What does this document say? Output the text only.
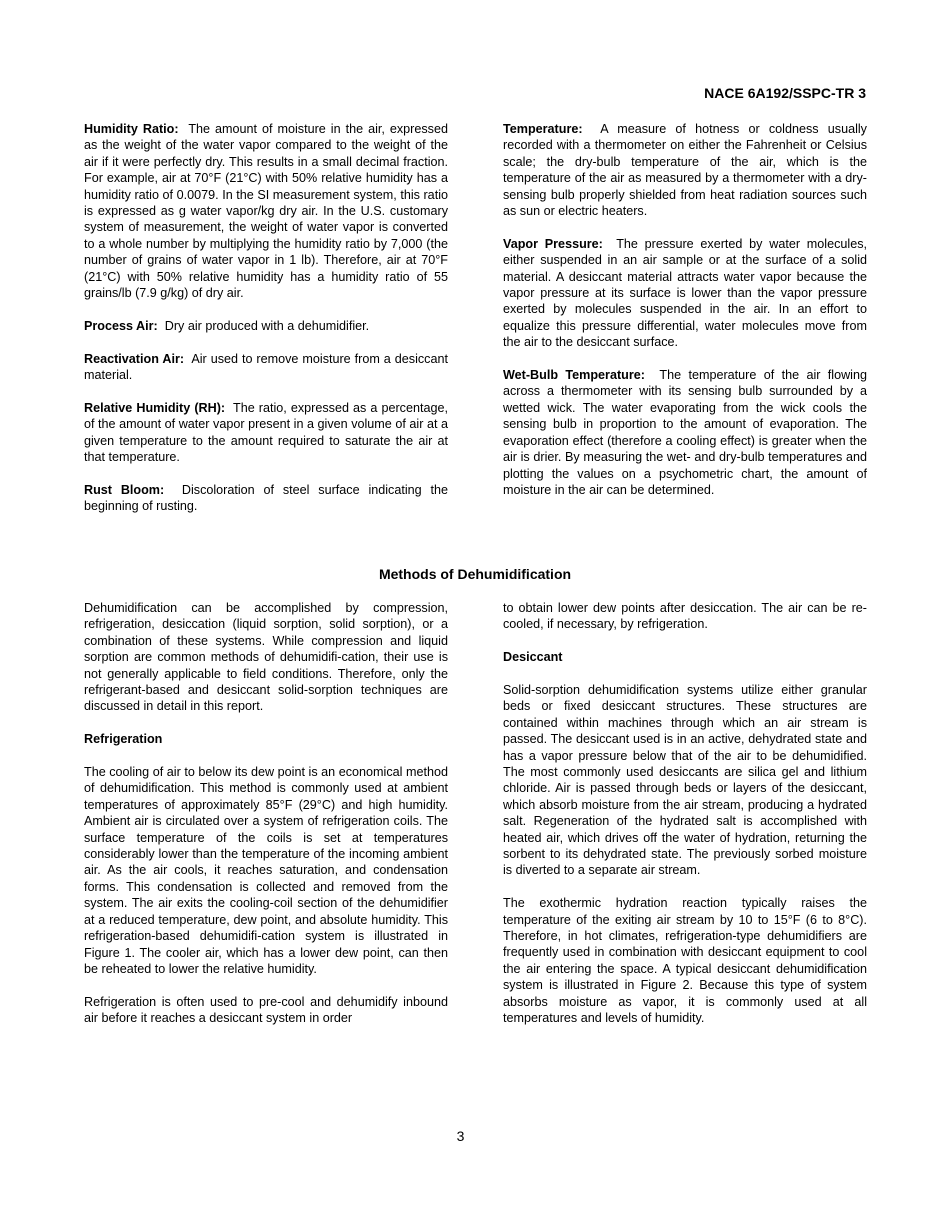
NACE 6A192/SSPC-TR 3

Humidity Ratio: The amount of moisture in the air, expressed as the weight of the water vapor compared to the weight of the air if it were perfectly dry. This results in a small decimal fraction. For example, air at 70°F (21°C) with 50% relative humidity has a humidity ratio of 0.0079. In the SI measurement system, this ratio is expressed as g water vapor/kg dry air. In the U.S. customary system of measurement, the weight of water vapor is converted to a whole number by multiplying the humidity ratio by 7,000 (the number of grains of water vapor in 1 lb). Therefore, air at 70°F (21°C) with 50% relative humidity has a humidity ratio of 55 grains/lb (7.9 g/kg) of dry air.

Process Air: Dry air produced with a dehumidifier.

Reactivation Air: Air used to remove moisture from a desiccant material.

Relative Humidity (RH): The ratio, expressed as a percentage, of the amount of water vapor present in a given volume of air at a given temperature to the amount required to saturate the air at that temperature.

Rust Bloom: Discoloration of steel surface indicating the beginning of rusting.

Temperature: A measure of hotness or coldness usually recorded with a thermometer on either the Fahrenheit or Celsius scale; the dry-bulb temperature of the air, which is the temperature of the air as measured by a thermometer with a dry-sensing bulb properly shielded from heat radiation sources such as sun or electric heaters.

Vapor Pressure: The pressure exerted by water molecules, either suspended in an air sample or at the surface of a solid material. A desiccant material attracts water vapor because the vapor pressure at its surface is lower than the vapor pressure exerted by molecules suspended in the air. In an effort to equalize this pressure differential, water molecules move from the air to the desiccant surface.

Wet-Bulb Temperature: The temperature of the air flowing across a thermometer with its sensing bulb surrounded by a wetted wick. The water evaporating from the wick cools the sensing bulb in proportion to the amount of evaporation. The evaporation effect (therefore a cooling effect) is greater when the air is drier. By measuring the wet- and dry-bulb temperatures and plotting the values on a psychometric chart, the amount of moisture in the air can be determined.

Methods of Dehumidification

Dehumidification can be accomplished by compression, refrigeration, desiccation (liquid sorption, solid sorption), or a combination of these systems. While compression and liquid sorption are common methods of dehumidifi-cation, their use is not generally applicable to field conditions. Therefore, only the refrigerant-based and desiccant solid-sorption techniques are discussed in detail in this report.

Refrigeration

The cooling of air to below its dew point is an economical method of dehumidification. This method is commonly used at ambient temperatures of approximately 85°F (29°C) and high humidity. Ambient air is circulated over a system of refrigeration coils. The surface temperature of the coils is set at temperatures considerably lower than the temperature of the incoming ambient air. As the air cools, it reaches saturation, and condensation forms. This condensation is collected and removed from the system. The air exits the cooling-coil section of the dehumidifier at a reduced temperature, dew point, and absolute humidity. This refrigeration-based dehumidifi-cation system is illustrated in Figure 1. The cooler air, which has a lower dew point, can then be reheated to lower the relative humidity.

Refrigeration is often used to pre-cool and dehumidify inbound air before it reaches a desiccant system in order

to obtain lower dew points after desiccation. The air can be re-cooled, if necessary, by refrigeration.

Desiccant

Solid-sorption dehumidification systems utilize either granular beds or fixed desiccant structures. These structures are contained within machines through which an air stream is passed. The desiccant used is in an active, dehydrated state and has a vapor pressure below that of the air to be dehumidified. The most commonly used desiccants are silica gel and lithium chloride. Air is passed through beds or layers of the desiccant, which absorb moisture from the air stream, producing a hydrated salt. Regeneration of the hydrated salt is accomplished with heated air, which drives off the water of hydration, returning the sorbent to its dehydrated state. The previously sorbed moisture is diverted to a separate air stream.

The exothermic hydration reaction typically raises the temperature of the exiting air stream by 10 to 15°F (6 to 8°C). Therefore, in hot climates, refrigeration-type dehumidifiers are frequently used in combination with desiccant equipment to cool the air entering the space. A typical desiccant dehumidification system is illustrated in Figure 2. Because this type of system absorbs moisture as vapor, it is commonly used at all temperatures and levels of humidity.

3
